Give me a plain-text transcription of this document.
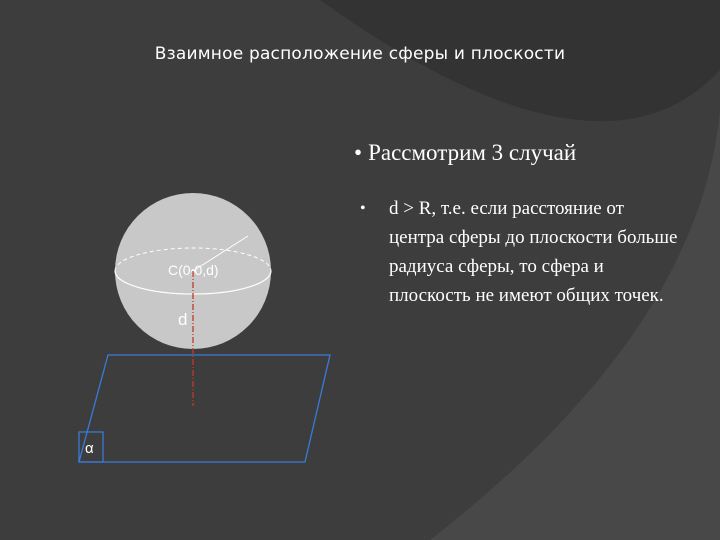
Взаимное расположение сферы и плоскости
• Рассмотрим 3 случай
• d > R, т.е. если расстояние от центра сферы до плоскости больше радиуса сферы, то сфера и плоскость не имеют общих точек.
α
C(0,0,d)
d
